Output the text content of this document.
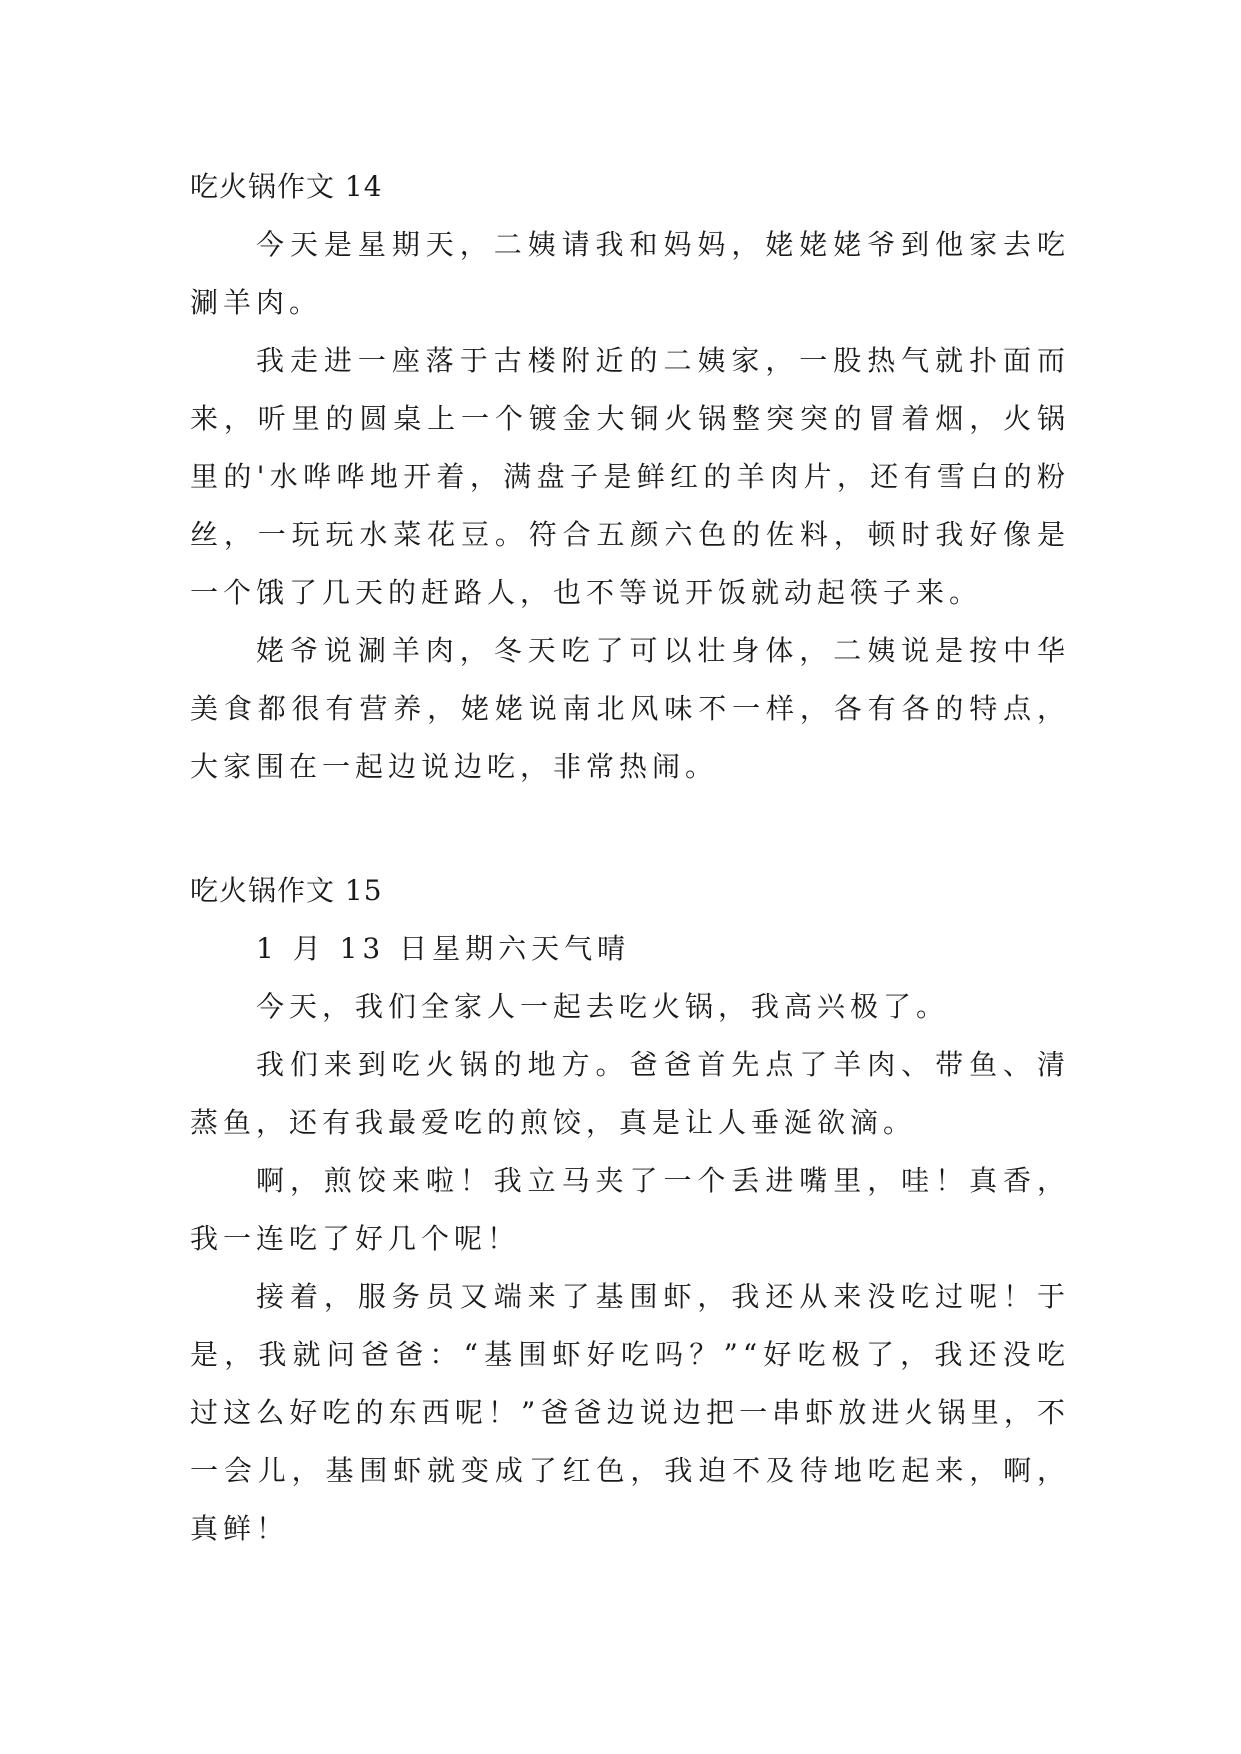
吃火锅作文 14

今天是星期天，二姨请我和妈妈，姥姥姥爷到他家去吃涮羊肉。

我走进一座落于古楼附近的二姨家，一股热气就扑面而来，听里的圆桌上一个镀金大铜火锅整突突的冒着烟，火锅里的'水哗哗地开着，满盘子是鲜红的羊肉片，还有雪白的粉丝，一玩玩水菜花豆。符合五颜六色的佐料，顿时我好像是一个饿了几天的赶路人，也不等说开饭就动起筷子来。

姥爷说涮羊肉，冬天吃了可以壮身体，二姨说是按中华美食都很有营养，姥姥说南北风味不一样，各有各的特点，大家围在一起边说边吃，非常热闹。

吃火锅作文 15

1 月 13 日星期六天气晴

今天，我们全家人一起去吃火锅，我高兴极了。

我们来到吃火锅的地方。爸爸首先点了羊肉、带鱼、清蒸鱼，还有我最爱吃的煎饺，真是让人垂涎欲滴。

啊，煎饺来啦！我立马夹了一个丢进嘴里，哇！真香，我一连吃了好几个呢！

接着，服务员又端来了基围虾，我还从来没吃过呢！于是，我就问爸爸：“基围虾好吃吗？”“好吃极了，我还没吃过这么好吃的东西呢！”爸爸边说边把一串虾放进火锅里，不一会儿，基围虾就变成了红色，我迫不及待地吃起来，啊，真鲜！
